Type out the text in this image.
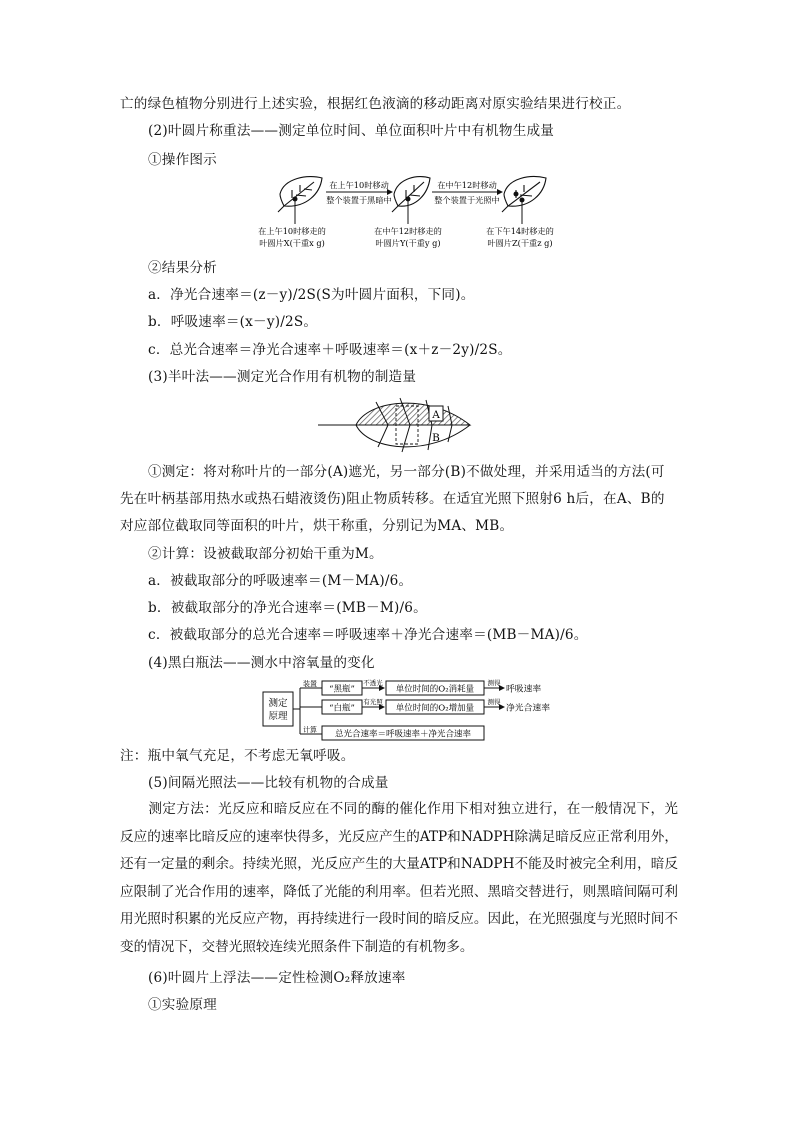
亡的绿色植物分别进行上述实验，根据红色液滴的移动距离对原实验结果进行校正。
(2)叶圆片称重法——测定单位时间、单位面积叶片中有机物生成量
①操作图示
在上午10时移动
整个装置于黑暗中
在中午12时移动
整个装置于光照中
在上午10时移走的
叶圆片X(干重x g)
在中午12时移走的
叶圆片Y(干重y g)
在下午14时移走的
叶圆片Z(干重z g)
②结果分析
a．净光合速率＝(z－y)/2S(S为叶圆片面积，下同)。
b．呼吸速率＝(x－y)/2S。
c．总光合速率＝净光合速率＋呼吸速率＝(x＋z－2y)/2S。
(3)半叶法——测定光合作用有机物的制造量
A
B
①测定：将对称叶片的一部分(A)遮光，另一部分(B)不做处理，并采用适当的方法(可
先在叶柄基部用热水或热石蜡液烫伤)阻止物质转移。在适宜光照下照射6 h后，在A、B的
对应部位截取同等面积的叶片，烘干称重，分别记为MA、MB。
②计算：设被截取部分初始干重为M。
a．被截取部分的呼吸速率＝(M－MA)/6。
b．被截取部分的净光合速率＝(MB－M)/6。
c．被截取部分的总光合速率＝呼吸速率＋净光合速率＝(MB－MA)/6。
(4)黑白瓶法——测水中溶氧量的变化
测定
原理
装置
计算
“黑瓶”
“白瓶”
不透光
有光照
单位时间的O₂消耗量
单位时间的O₂增加量
测得
测得
呼吸速率
净光合速率
总光合速率＝呼吸速率＋净光合速率
注：瓶中氧气充足，不考虑无氧呼吸。
(5)间隔光照法——比较有机物的合成量
测定方法：光反应和暗反应在不同的酶的催化作用下相对独立进行，在一般情况下，光反应的速率比暗反应的速率快得多，光反应产生的ATP和NADPH除满足暗反应正常利用外，还有一定量的剩余。持续光照，光反应产生的大量ATP和NADPH不能及时被完全利用，暗反应限制了光合作用的速率，降低了光能的利用率。但若光照、黑暗交替进行，则黑暗间隔可利用光照时积累的光反应产物，再持续进行一段时间的暗反应。因此，在光照强度与光照时间不变的情况下，交替光照较连续光照条件下制造的有机物多。
(6)叶圆片上浮法——定性检测O₂释放速率
①实验原理
